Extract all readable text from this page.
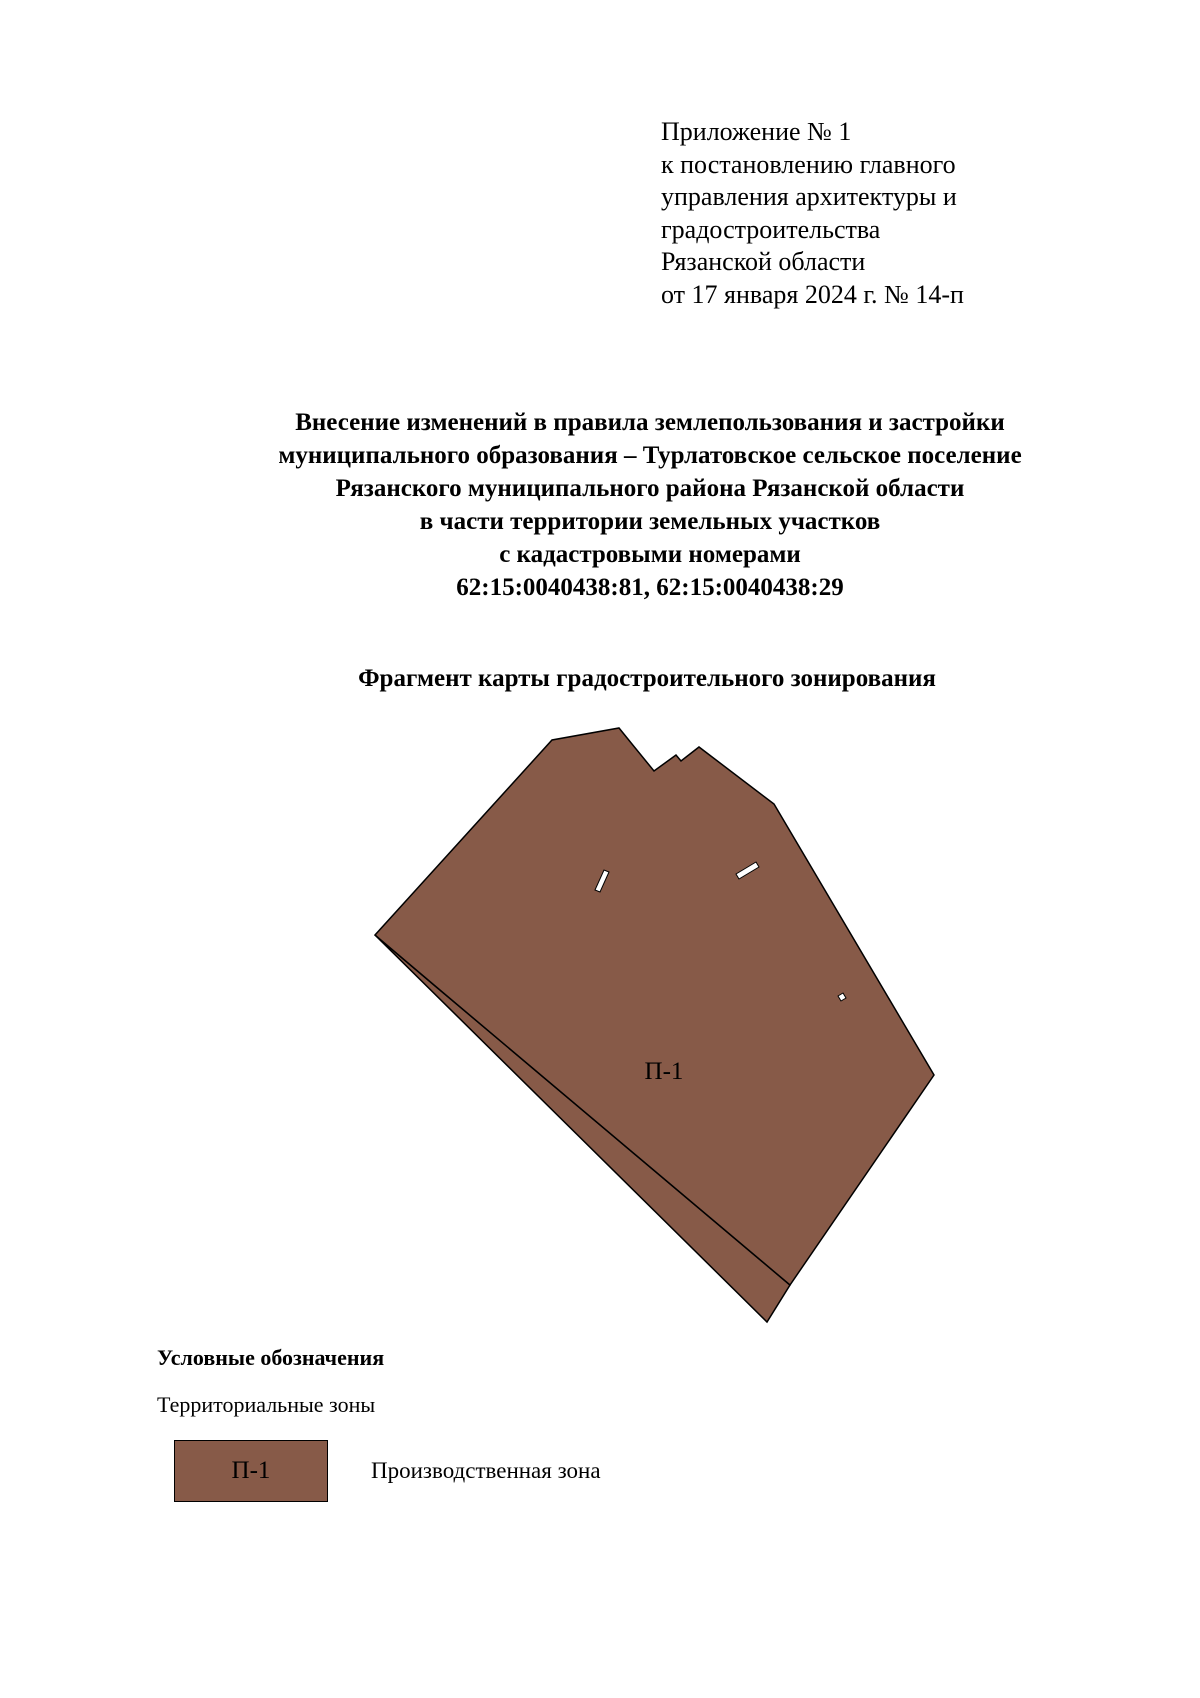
Приложение № 1
к постановлению главного
управления архитектуры и
градостроительства
Рязанской области
от 17 января 2024 г. № 14-п
Внесение изменений в правила землепользования и застройки
муниципального образования – Турлатовское сельское поселение
Рязанского муниципального района Рязанской области
в части территории земельных участков
с кадастровыми номерами
62:15:0040438:81, 62:15:0040438:29
Фрагмент карты градостроительного зонирования
П-1
Условные обозначения
Территориальные зоны
П-1	Производственная зона
